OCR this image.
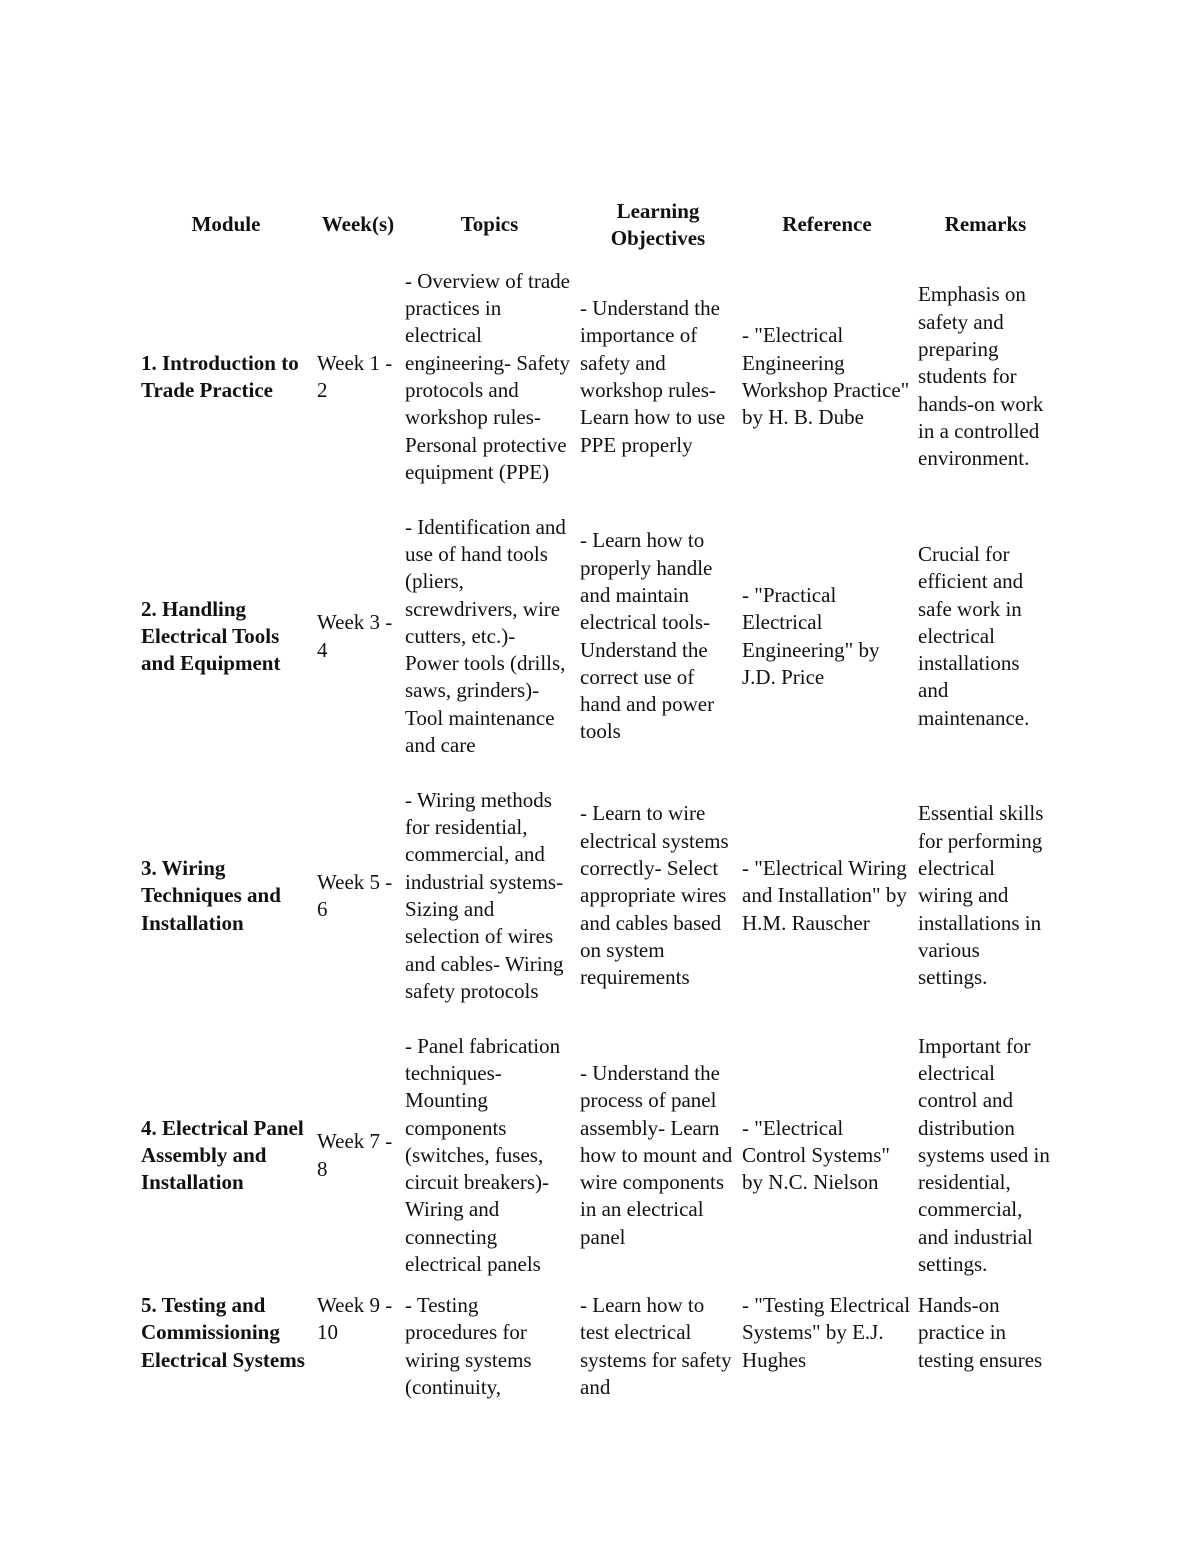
Module	Week(s)	Topics	Learning Objectives	Reference	Remarks

1. Introduction to Trade Practice	Week 1 - 2	- Overview of trade practices in electrical engineering- Safety protocols and workshop rules- Personal protective equipment (PPE)	- Understand the importance of safety and workshop rules- Learn how to use PPE properly	- "Electrical Engineering Workshop Practice" by H. B. Dube	Emphasis on safety and preparing students for hands-on work in a controlled environment.

2. Handling Electrical Tools and Equipment	Week 3 - 4	- Identification and use of hand tools (pliers, screwdrivers, wire cutters, etc.)- Power tools (drills, saws, grinders)- Tool maintenance and care	- Learn how to properly handle and maintain electrical tools- Understand the correct use of hand and power tools	- "Practical Electrical Engineering" by J.D. Price	Crucial for efficient and safe work in electrical installations and maintenance.

3. Wiring Techniques and Installation	Week 5 - 6	- Wiring methods for residential, commercial, and industrial systems- Sizing and selection of wires and cables- Wiring safety protocols	- Learn to wire electrical systems correctly- Select appropriate wires and cables based on system requirements	- "Electrical Wiring and Installation" by H.M. Rauscher	Essential skills for performing electrical wiring and installations in various settings.

4. Electrical Panel Assembly and Installation	Week 7 - 8	- Panel fabrication techniques- Mounting components (switches, fuses, circuit breakers)- Wiring and connecting electrical panels	- Understand the process of panel assembly- Learn how to mount and wire components in an electrical panel	- "Electrical Control Systems" by N.C. Nielson	Important for electrical control and distribution systems used in residential, commercial, and industrial settings.

5. Testing and Commissioning Electrical Systems	Week 9 - 10	- Testing procedures for wiring systems (continuity,	- Learn how to test electrical systems for safety and	- "Testing Electrical Systems" by E.J. Hughes	Hands-on practice in testing ensures
